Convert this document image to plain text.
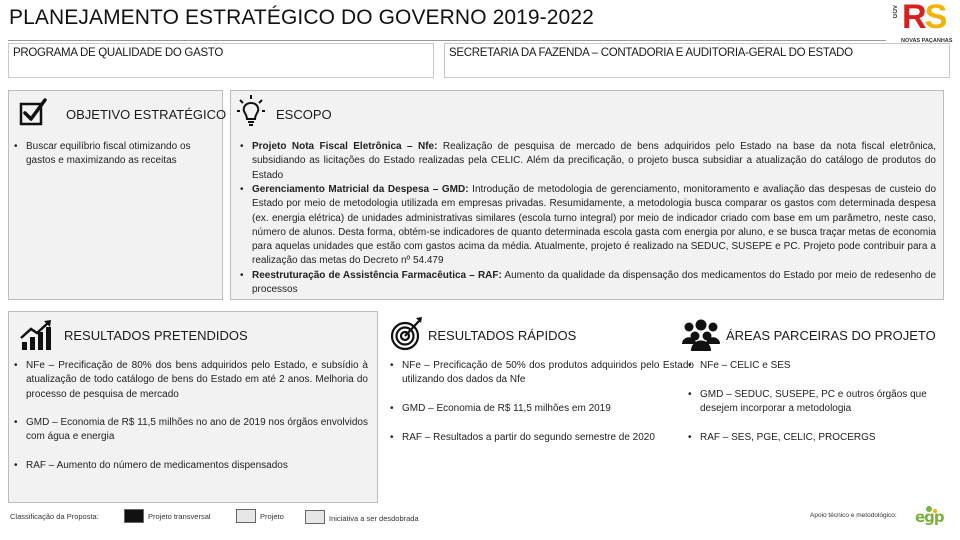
PLANEJAMENTO ESTRATÉGICO DO GOVERNO 2019-2022	GOV RS
NOVAS PAÇANHAS
PROGRAMA DE QUALIDADE DO GASTO	SECRETARIA DA FAZENDA – CONTADORIA E AUDITORIA-GERAL DO ESTADO
OBJETIVO ESTRATÉGICO
• Buscar equilíbrio fiscal otimizando os gastos e maximizando as receitas
ESCOPO
• Projeto Nota Fiscal Eletrônica – Nfe: Realização de pesquisa de mercado de bens adquiridos pelo Estado na base da nota fiscal eletrônica, subsidiando as licitações do Estado realizadas pela CELIC. Além da precificação, o projeto busca subsidiar a atualização do catálogo de produtos do Estado
• Gerenciamento Matricial da Despesa – GMD: Introdução de metodologia de gerenciamento, monitoramento e avaliação das despesas de custeio do Estado por meio de metodologia utilizada em empresas privadas. Resumidamente, a metodologia busca comparar os gastos com determinada despesa (ex. energia elétrica) de unidades administrativas similares (escola turno integral) por meio de indicador criado com base em um parâmetro, neste caso, número de alunos. Desta forma, obtém-se indicadores de quanto determinada escola gasta com energia por aluno, e se busca traçar metas de economia para aquelas unidades que estão com gastos acima da média. Atualmente, projeto é realizado na SEDUC, SUSEPE e PC. Projeto pode contribuir para a realização das metas do Decreto nº 54.479
• Reestruturação de Assistência Farmacêutica – RAF: Aumento da qualidade da dispensação dos medicamentos do Estado por meio de redesenho de processos
RESULTADOS PRETENDIDOS
• NFe – Precificação de 80% dos bens adquiridos pelo Estado, e subsídio à atualização de todo catálogo de bens do Estado em até 2 anos. Melhoria do processo de pesquisa de mercado
• GMD – Economia de R$ 11,5 milhões no ano de 2019 nos órgãos envolvidos com água e energia
• RAF – Aumento do número de medicamentos dispensados
RESULTADOS RÁPIDOS
• NFe – Precificação de 50% dos produtos adquiridos pelo Estado utilizando dos dados da Nfe
• GMD – Economia de R$ 11,5 milhões em 2019
• RAF – Resultados a partir do segundo semestre de 2020
ÁREAS PARCEIRAS DO PROJETO
• NFe – CELIC e SES
• GMD – SEDUC, SUSEPE, PC e outros órgãos que desejem incorporar a metodologia
• RAF – SES, PGE, CELIC, PROCERGS
Classificação da Proposta:	Projeto transversal	Projeto	Iniciativa a ser desdobrada	Apoio técnico e metodológico: egp
